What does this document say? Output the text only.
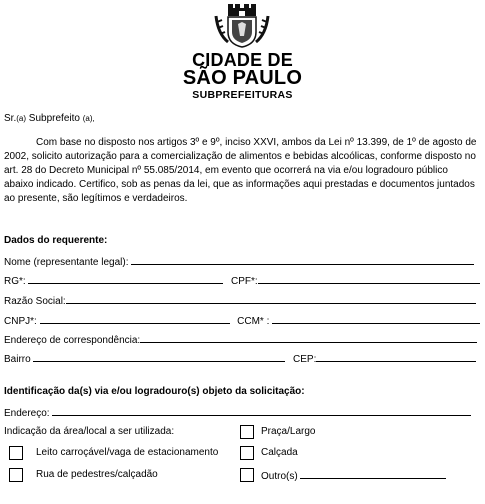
CIDADE DE
SÃO PAULO
SUBPREFEITURAS
Sr.(a) Subprefeito (a),
Com base no disposto nos artigos 3º e 9º, inciso XXVI, ambos da Lei nº 13.399, de 1º de agosto de 2002, solicito autorização para a comercialização de alimentos e bebidas alcoólicas, conforme disposto no art. 28 do Decreto Municipal nº 55.085/2014, em evento que ocorrerá na via e/ou logradouro público abaixo indicado. Certifico, sob as penas da lei, que as informações aqui prestadas e documentos juntados ao presente, são legítimos e verdadeiros.
Dados do requerente:
Nome (representante legal):
RG*:	CPF*:
Razão Social:
CNPJ*:	CCM* :
Endereço de correspondência:
Bairro	CEP:
Identificação da(s) via e/ou logradouro(s) objeto da solicitação:
Endereço:
Indicação da área/local a ser utilizada:	Praça/Largo
Leito carroçável/vaga de estacionamento	Calçada
Rua de pedestres/calçadão	Outro(s)
